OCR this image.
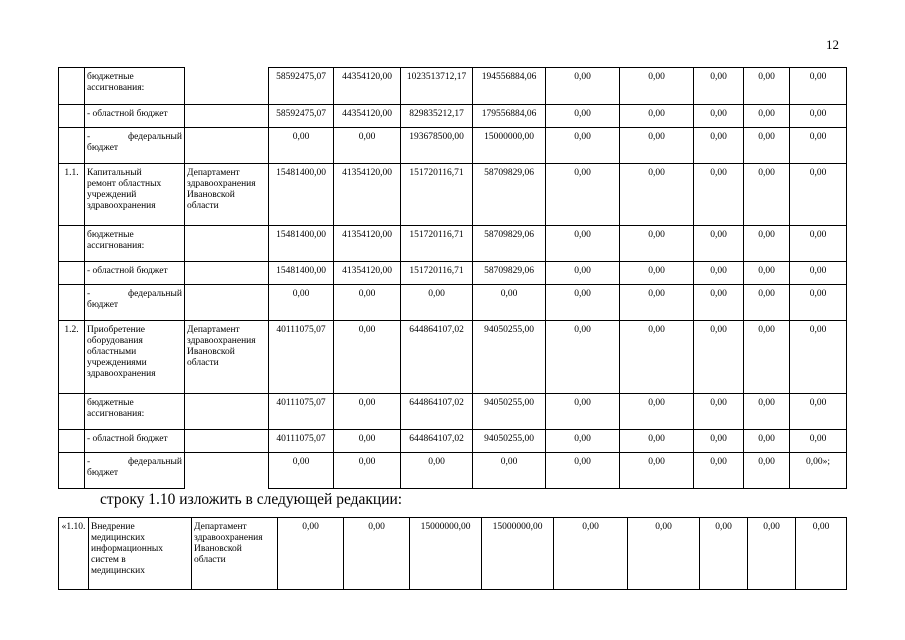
12

	бюджетные
ассигнования:		58592475,07	44354120,00	1023513712,17	194556884,06	0,00	0,00	0,00	0,00	0,00

	- областной бюджет		58592475,07	44354120,00	829835212,17	179556884,06	0,00	0,00	0,00	0,00	0,00

	- федеральный
бюджет		0,00	0,00	193678500,00	15000000,00	0,00	0,00	0,00	0,00	0,00
1.1.	Капитальный
ремонт областных
учреждений
здравоохранения	Департамент здравоохранения Ивановской области	15481400,00	41354120,00	151720116,71	58709829,06	0,00	0,00	0,00	0,00	0,00

	бюджетные
ассигнования:		15481400,00	41354120,00	151720116,71	58709829,06	0,00	0,00	0,00	0,00	0,00

	- областной бюджет		15481400,00	41354120,00	151720116,71	58709829,06	0,00	0,00	0,00	0,00	0,00

	- федеральный
бюджет		0,00	0,00	0,00	0,00	0,00	0,00	0,00	0,00	0,00
1.2.	Приобретение
оборудования
областными
учреждениями
здравоохранения	Департамент здравоохранения Ивановской области	40111075,07	0,00	644864107,02	94050255,00	0,00	0,00	0,00	0,00	0,00

	бюджетные
ассигнования:		40111075,07	0,00	644864107,02	94050255,00	0,00	0,00	0,00	0,00	0,00

	- областной бюджет		40111075,07	0,00	644864107,02	94050255,00	0,00	0,00	0,00	0,00	0,00

	- федеральный
бюджет		0,00	0,00	0,00	0,00	0,00	0,00	0,00	0,00	0,00»;
строку 1.10 изложить в следующей редакции:
«1.10.	Внедрение
медицинских
информационных
систем в
медицинских
	Департамент здравоохранения Ивановской области	0,00	0,00	15000000,00	15000000,00	0,00	0,00	0,00	0,00	0,00
